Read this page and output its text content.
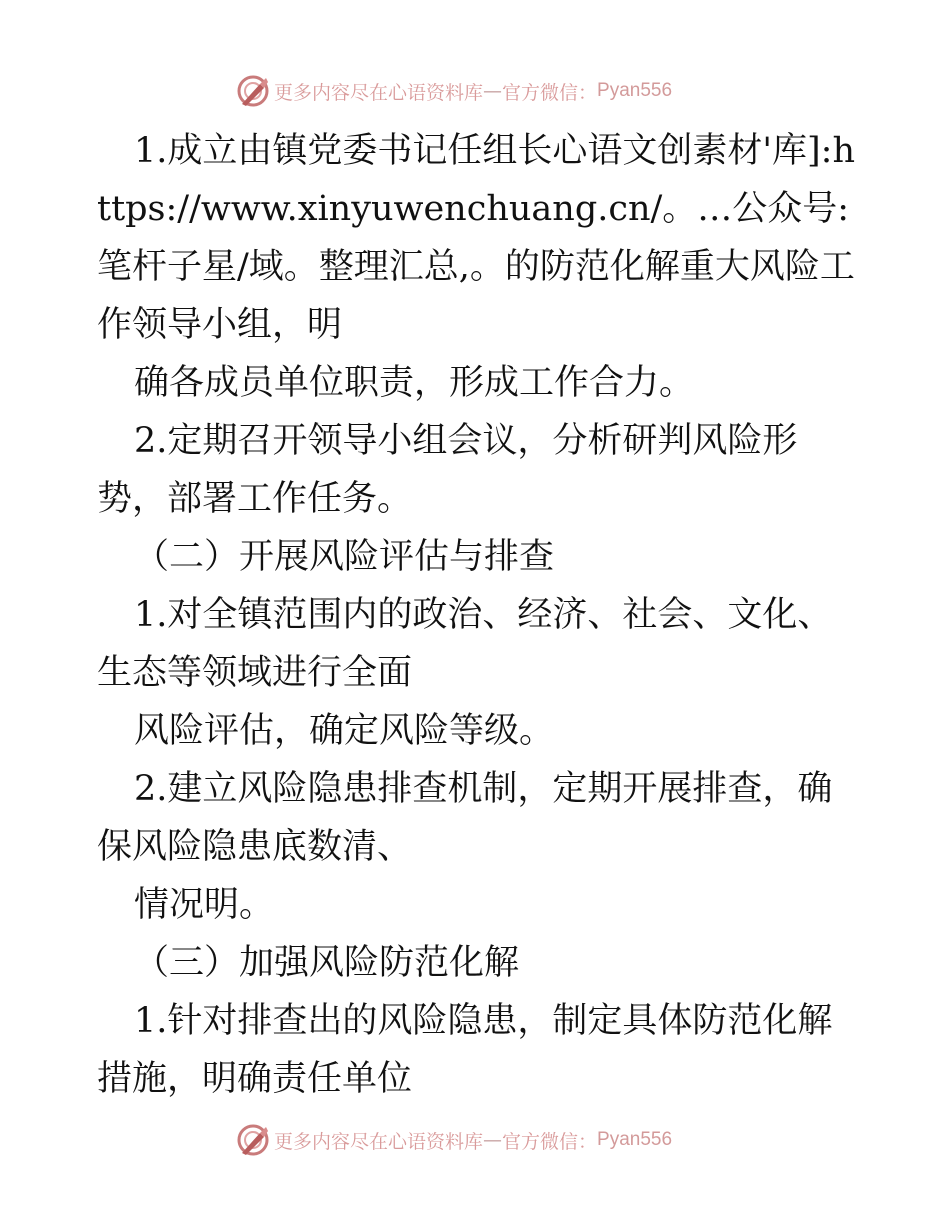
更多内容尽在心语资料库 — 官方微信： Pyan556

1.成立由镇党委书记任组长心语文创素材'库]:https://www.xinyuwenchuang.cn/。…公众号:笔杆子星/域。整理汇总,。的防范化解重大风险工作领导小组，明

确各成员单位职责，形成工作合力。

2.定期召开领导小组会议，分析研判风险形势，部署工作任务。

（二）开展风险评估与排查

1.对全镇范围内的政治、经济、社会、文化、生态等领域进行全面

风险评估，确定风险等级。

2.建立风险隐患排查机制，定期开展排查，确保风险隐患底数清、

情况明。

（三）加强风险防范化解

1.针对排查出的风险隐患，制定具体防范化解措施，明确责任单位

更多内容尽在心语资料库 — 官方微信： Pyan556
